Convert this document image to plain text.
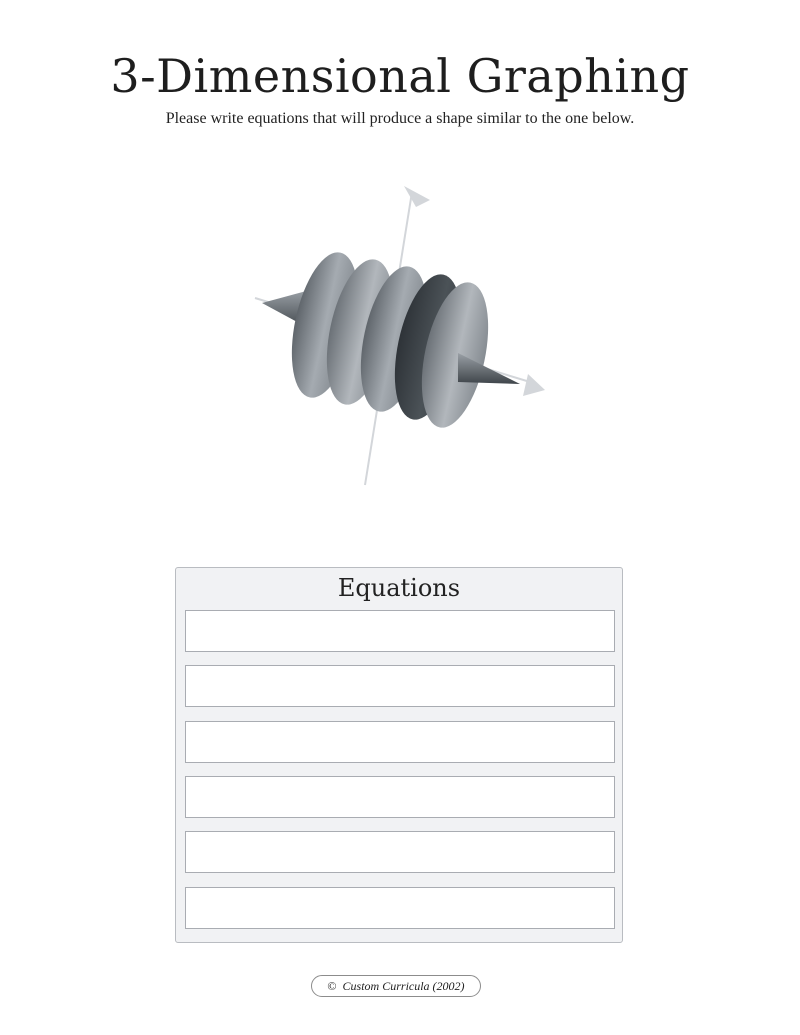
3-Dimensional Graphing
Please write equations that will produce a shape similar to the one below.
Equations
© Custom Curricula (2002)
